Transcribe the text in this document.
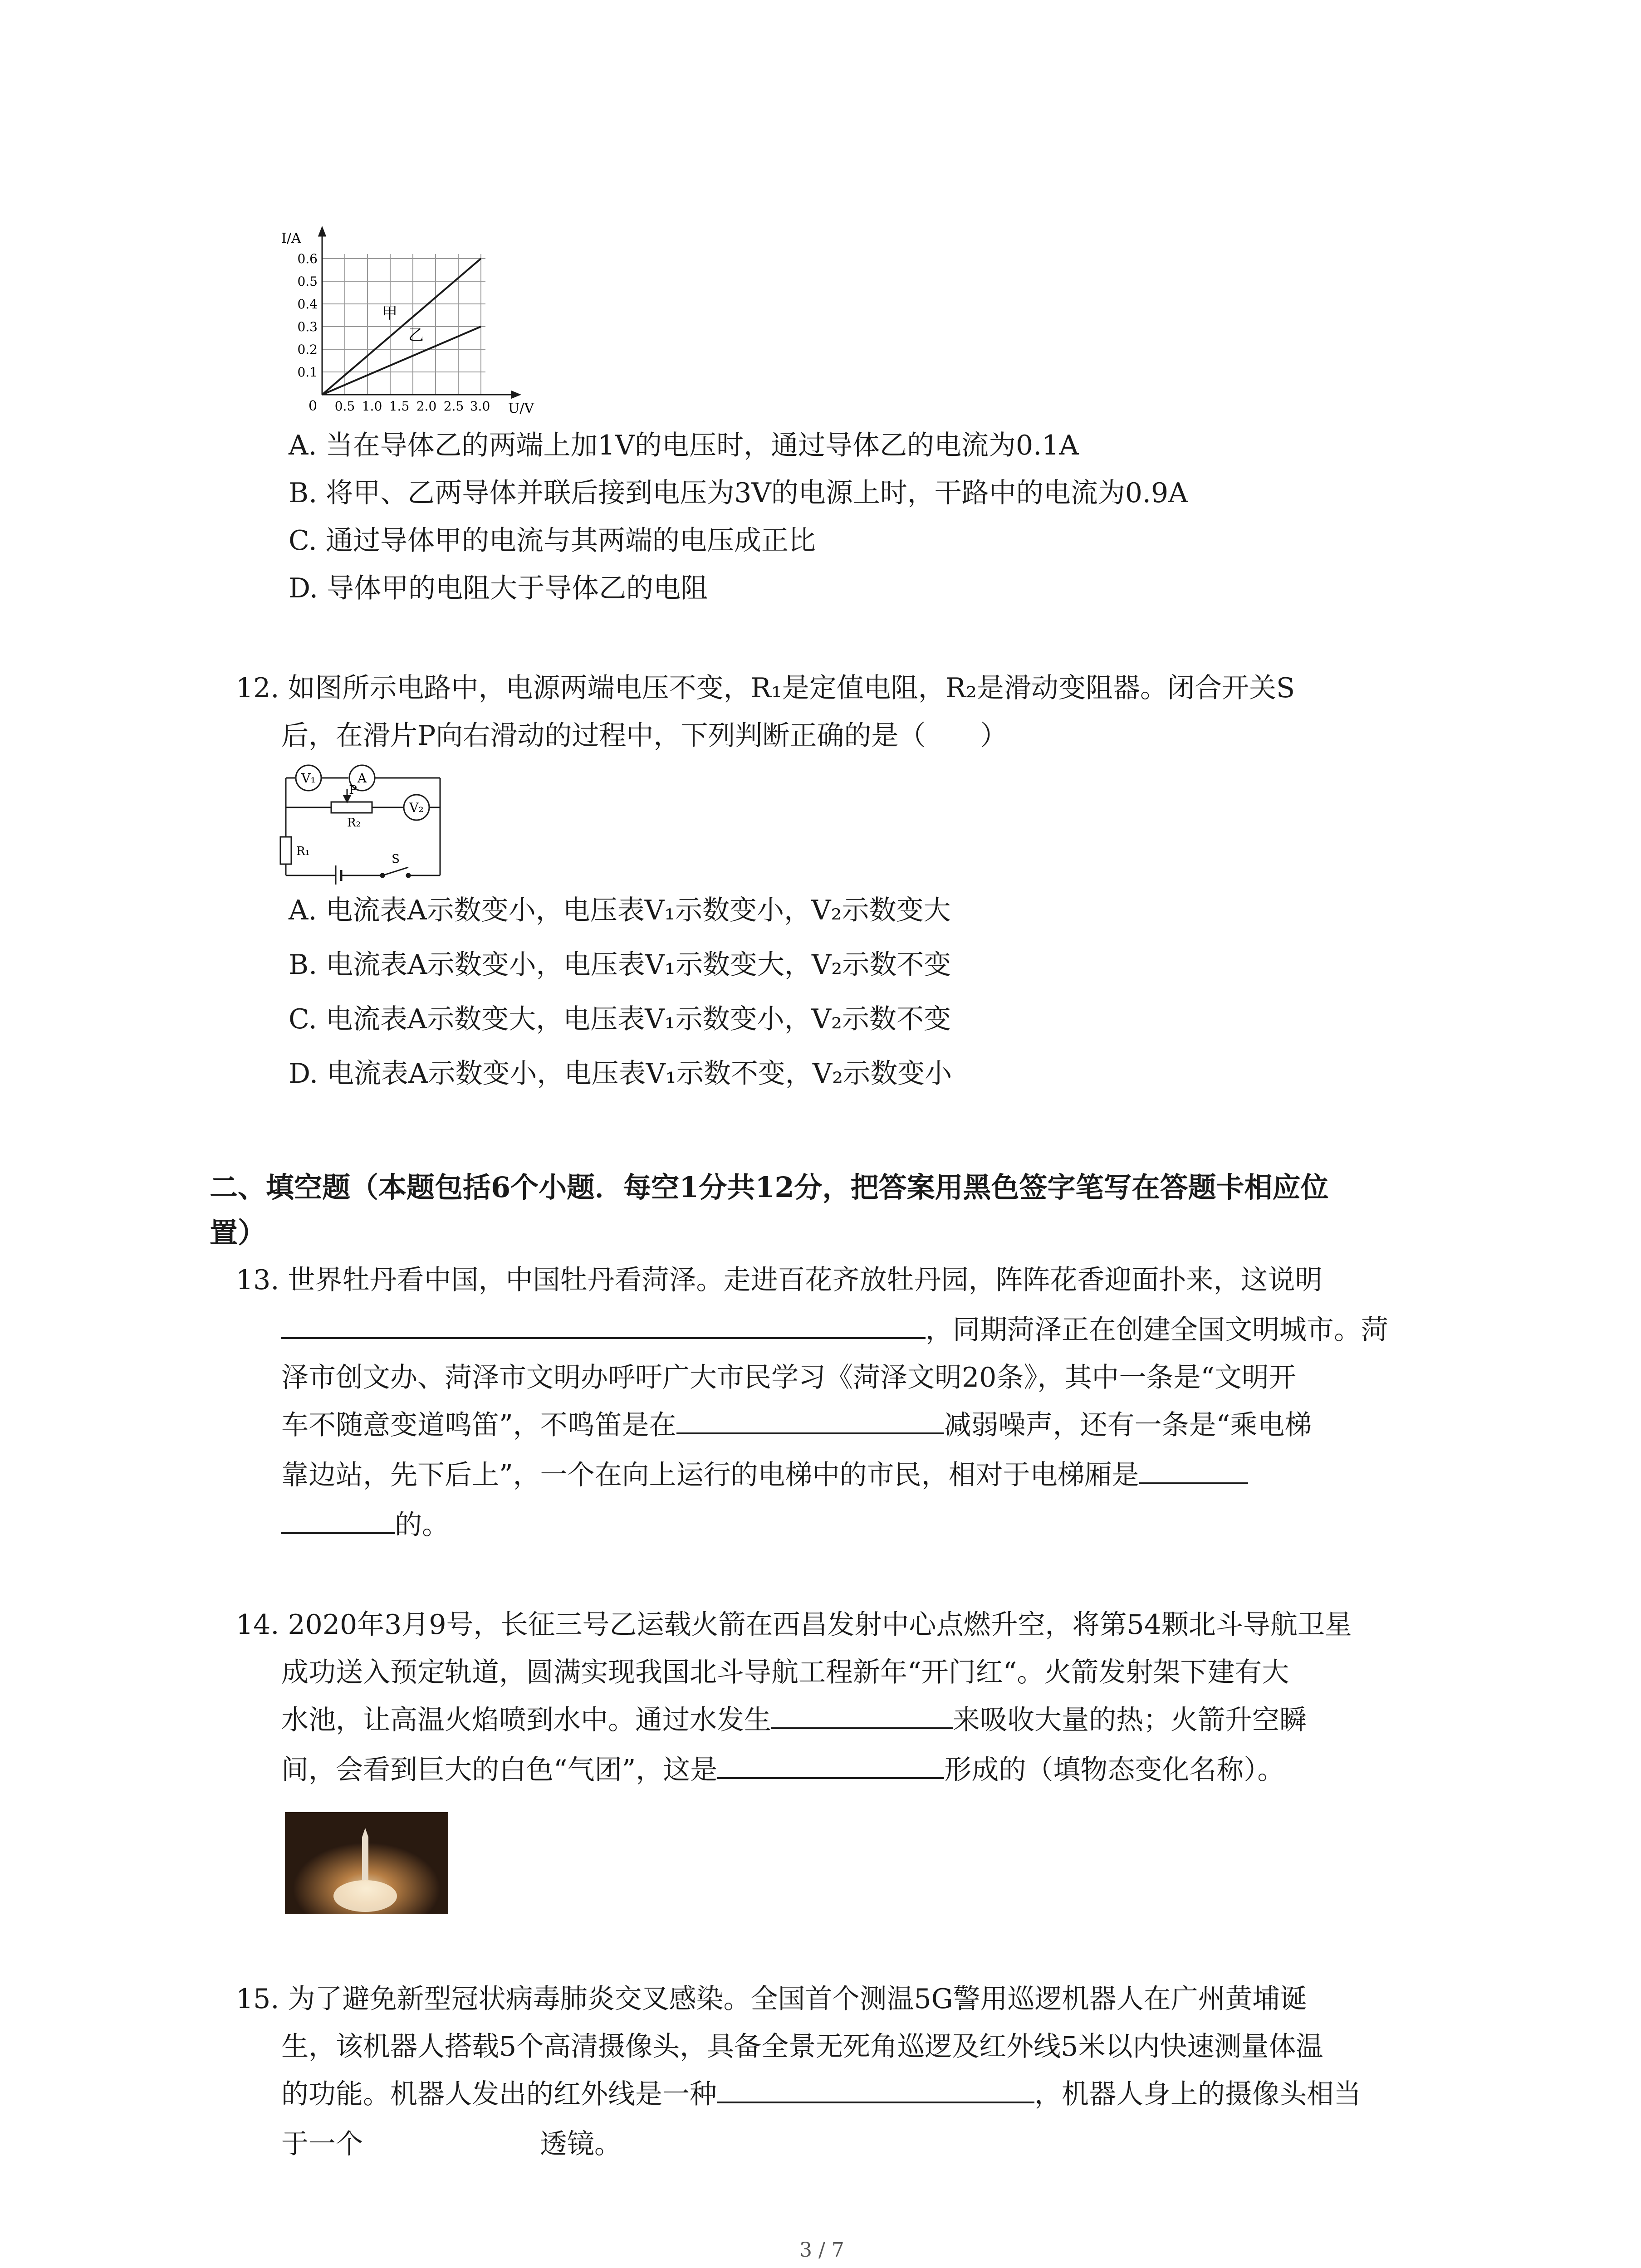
I/A
U/V
0
0.1
0.2
0.3
0.4
0.5
0.6
0.5 1.0 1.5 2.0 2.5 3.0
甲
乙
A. 当在导体乙的两端上加1V的电压时，通过导体乙的电流为0.1A
B. 将甲、乙两导体并联后接到电压为3V的电源上时，干路中的电流为0.9A
C. 通过导体甲的电流与其两端的电压成正比
D. 导体甲的电阻大于导体乙的电阻
12. 如图所示电路中，电源两端电压不变，R₁是定值电阻，R₂是滑动变阻器。闭合开关S
后，在滑片P向右滑动的过程中，下列判断正确的是（　　）
V₁	A
V₂
P
R₂
R₁
S
A. 电流表A示数变小，电压表V₁示数变小，V₂示数变大
B. 电流表A示数变小，电压表V₁示数变大，V₂示数不变
C. 电流表A示数变大，电压表V₁示数变小，V₂示数不变
D. 电流表A示数变小，电压表V₁示数不变，V₂示数变小
二、填空题（本题包括6个小题．每空1分共12分，把答案用黑色签字笔写在答题卡相应位
置）
13. 世界牡丹看中国，中国牡丹看菏泽。走进百花齐放牡丹园，阵阵花香迎面扑来，这说明
，同期菏泽正在创建全国文明城市。菏
泽市创文办、菏泽市文明办呼吁广大市民学习《菏泽文明20条》，其中一条是“文明开
车不随意变道鸣笛”，不鸣笛是在	减弱噪声，还有一条是“乘电梯
靠边站，先下后上”，一个在向上运行的电梯中的市民，相对于电梯厢是
的。
14. 2020年3月9号，长征三号乙运载火箭在西昌发射中心点燃升空，将第54颗北斗导航卫星
成功送入预定轨道，圆满实现我国北斗导航工程新年“开门红“。火箭发射架下建有大
水池，让高温火焰喷到水中。通过水发生	来吸收大量的热；火箭升空瞬
间，会看到巨大的白色“气团”，这是	形成的（填物态变化名称）。
15. 为了避免新型冠状病毒肺炎交叉感染。全国首个测温5G警用巡逻机器人在广州黄埔诞
生，该机器人搭载5个高清摄像头，具备全景无死角巡逻及红外线5米以内快速测量体温
的功能。机器人发出的红外线是一种	，机器人身上的摄像头相当
于一个	透镜。
3 / 7
